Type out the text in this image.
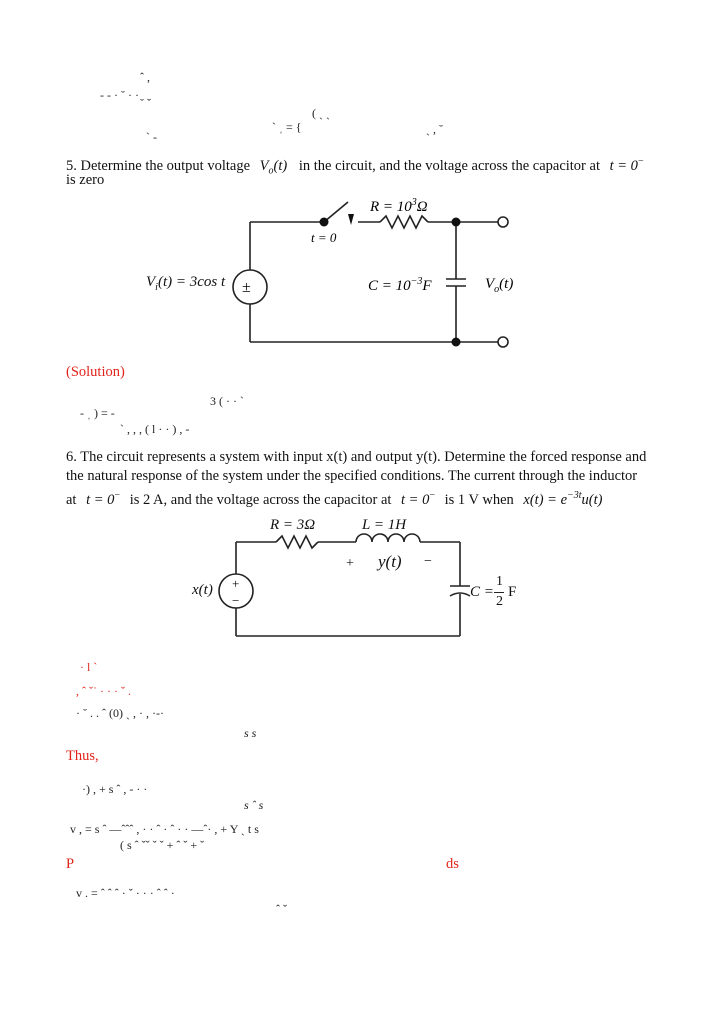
ˆ ,
- - · ˘ · ·
˘ ˇ
( ˎ ˎ
ˋ ˌ = {	ˎ , ˘
ˋ -
5. Determine the output voltage $V_o(t)$ in the circuit, and the voltage across the capacitor at t = 0−
is zero
$R = 10^3\Omega$
t = 0
±	$C = 10^{-3}F$	$V_o(t)$
$V_i(t) = 3\cos$ t
(Solution)
3 ( · · ˋ
- ˌ ) = -
ˋ , , , ( l · · ) , -
6. The circuit represents a system with input x(t) and output y(t). Determine the forced response and
the natural response of the system under the specified conditions. The current through the inductor
at t = 0− is 2 A, and the voltage across the capacitor at t = 0− is 1 V when $x(t) = e^{-3t}u(t)$
+
−
R = 3Ω	L = 1H
+ y(t) −
x(t)	C =
1
2
F
· l ˋ
, ˆ ˇ˙ · · · ˇ .
· ˘ . . ˆ (0) ˎ , · , ·-·
s s
Thus,
·) , + s ˆ , - · ·
s ˆ s
v , = s ˆ —ˆˆˆ , · · ˆ · ˆ · · —ˆ· , + Y ˎ t s
( s ˆ ˇˇ ˇ ˇ + ˆ ˇ + ˇ
P	ds
v . = ˆ ˆ ˆ · ˇ · · · ˆ ˆ ·
ˆ ˇ
